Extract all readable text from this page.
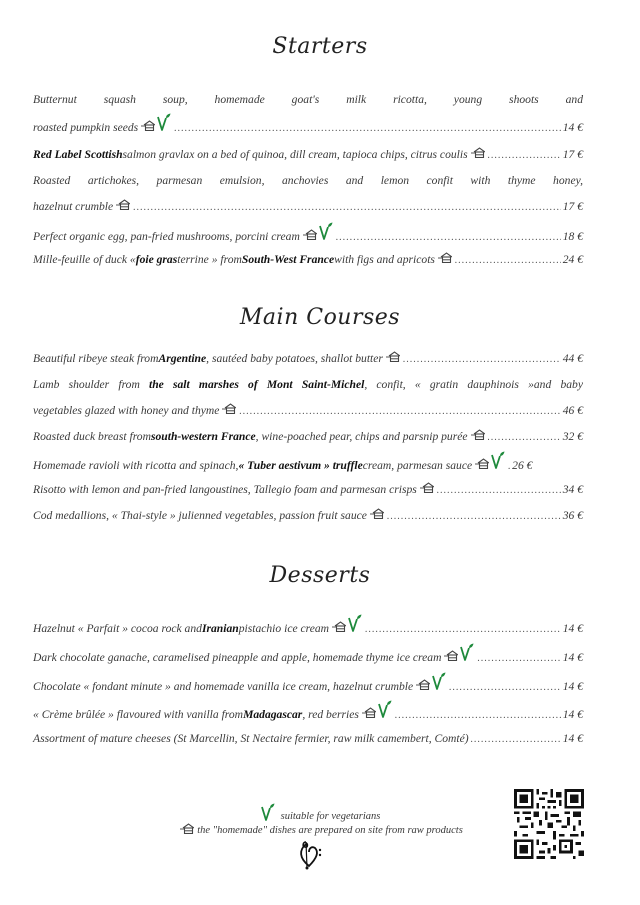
Starters
Butternut squash soup, homemade goat's milk ricotta, young shoots and
roasted pumpkin seeds .....	14 €
Red Label Scottish salmon gravlax on a bed of quinoa, dill cream, tapioca chips, citrus coulis .....	17 €
Roasted artichokes, parmesan emulsion, anchovies and lemon confit with thyme honey,
hazelnut crumble .....	17 €
Perfect organic egg, pan-fried mushrooms, porcini cream .....	18 €
Mille-feuille of duck « foie gras terrine » from South-West France with figs and apricots .....	24 €
Main Courses
Beautiful ribeye steak from Argentine , sautéed baby potatoes, shallot butter .....	44 €
Lamb shoulder from the salt marshes of Mont Saint-Michel, confit, « gratin dauphinois »and baby
vegetables glazed with honey and thyme .....	46 €
Roasted duck breast from south-western France , wine-poached pear, chips and parsnip purée .....	32 €
Homemade ravioli with ricotta and spinach, « Tuber aestivum » truffle cream, parmesan sauce .....	26 €
Risotto with lemon and pan-fried langoustines, Tallegio foam and parmesan crisps .....	34 €
Cod medallions, « Thai-style » julienned vegetables, passion fruit sauce .....	36 €
Desserts
Hazelnut « Parfait » cocoa rock and Iranian pistachio ice cream .....	14 €
Dark chocolate ganache, caramelised pineapple and apple, homemade thyme ice cream .....	14 €
Chocolate « fondant minute » and homemade vanilla ice cream, hazelnut crumble .....	14 €
« Crème brûlée » flavoured with vanilla from Madagascar , red berries .....	14 €
Assortment of mature cheeses (St Marcellin, St Nectaire fermier, raw milk camembert, Comté) .....	14 €
suitable for vegetarians
the "homemade" dishes are prepared on site from raw products
